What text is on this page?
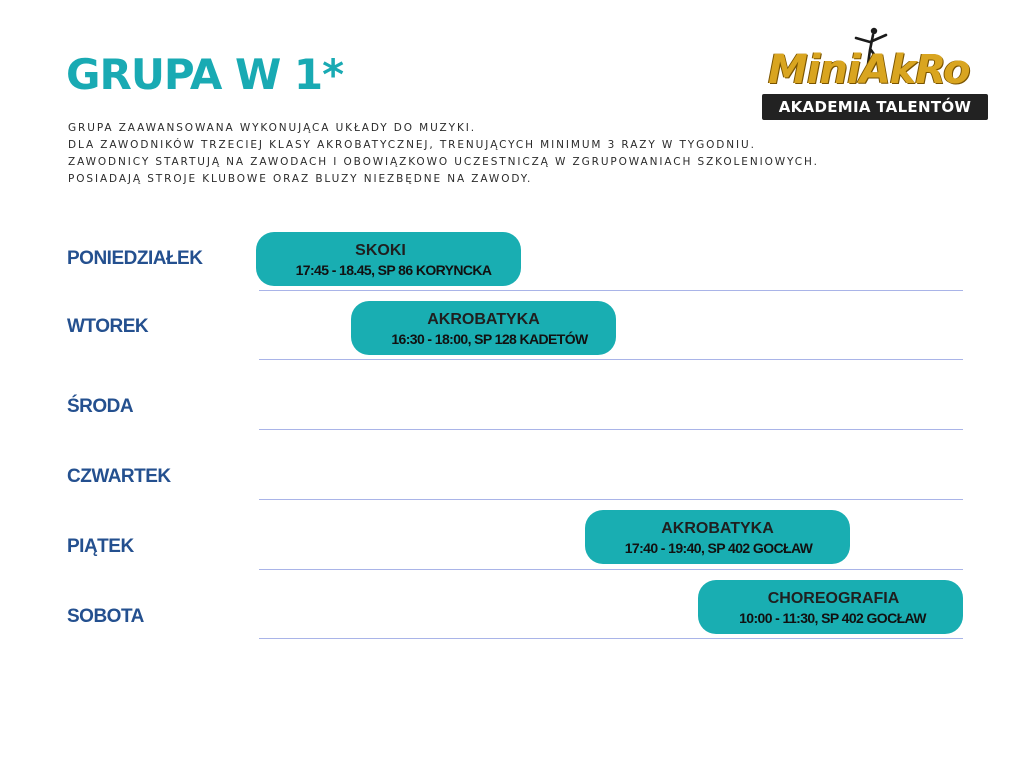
GRUPA W 1*
GRUPA ZAAWANSOWANA WYKONUJĄCA UKŁADY DO MUZYKI.
DLA ZAWODNIKÓW TRZECIEJ KLASY AKROBATYCZNEJ, TRENUJĄCYCH MINIMUM 3 RAZY W TYGODNIU.
ZAWODNICY STARTUJĄ NA ZAWODACH I OBOWIĄZKOWO UCZESTNICZĄ W ZGRUPOWANIACH SZKOLENIOWYCH.
POSIADAJĄ STROJE KLUBOWE ORAZ BLUZY NIEZBĘDNE NA ZAWODY.
MiniAkRo
AKADEMIA TALENTÓW
PONIEDZIAŁEK
WTOREK
ŚRODA
CZWARTEK
PIĄTEK
SOBOTA
SKOKI
17:45 - 18.45, SP 86 KORYNCKA
AKROBATYKA
16:30 - 18:00, SP 128 KADETÓW
AKROBATYKA
17:40 - 19:40, SP 402 GOCŁAW
CHOREOGRAFIA
10:00 - 11:30, SP 402 GOCŁAW
